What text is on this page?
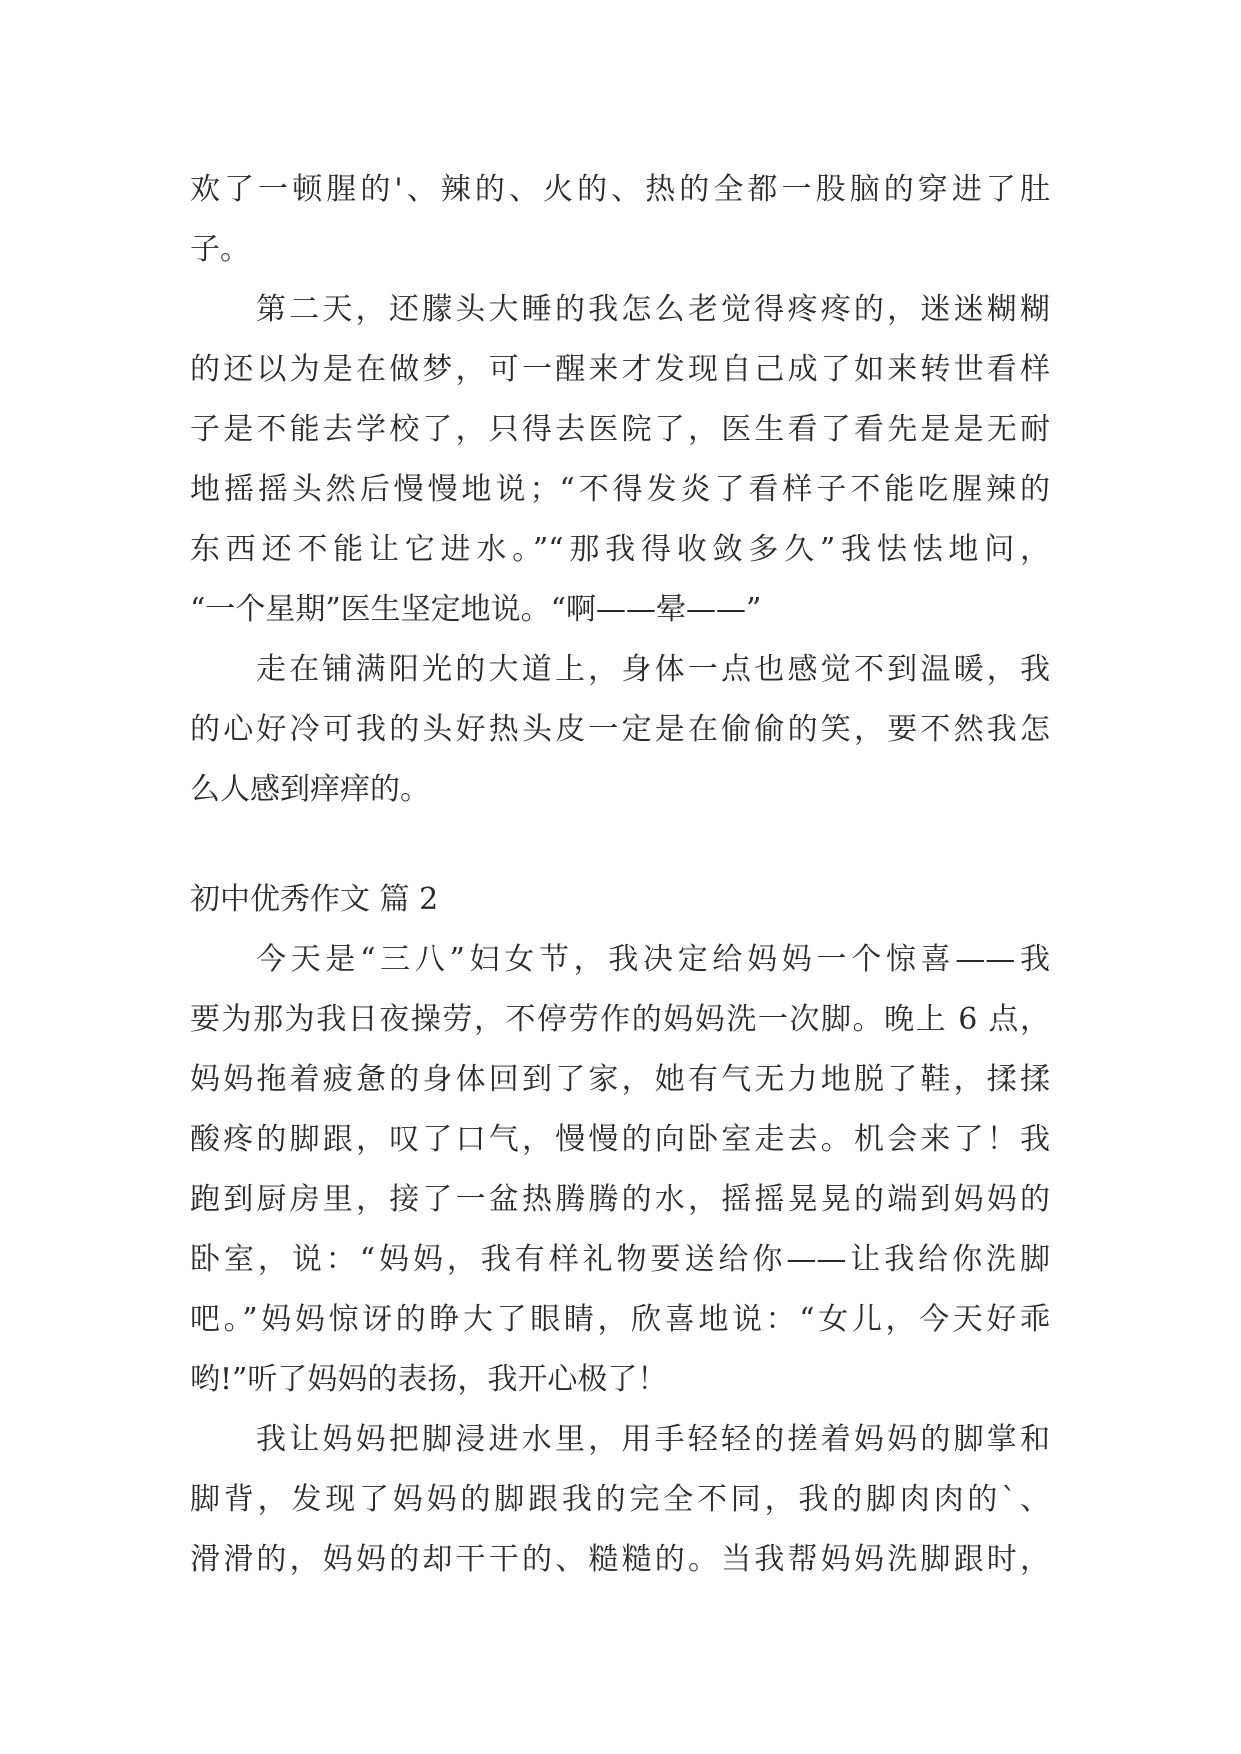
欢了一顿腥的'、辣的、火的、热的全都一股脑的穿进了肚
子。
第二天，还朦头大睡的我怎么老觉得疼疼的，迷迷糊糊
的还以为是在做梦，可一醒来才发现自己成了如来转世看样
子是不能去学校了，只得去医院了，医生看了看先是是无耐
地摇摇头然后慢慢地说；“不得发炎了看样子不能吃腥辣的
东西还不能让它进水。”“那我得收敛多久”我怯怯地问，
“一个星期”医生坚定地说。“啊——晕——”
走在铺满阳光的大道上，身体一点也感觉不到温暖，我
的心好冷可我的头好热头皮一定是在偷偷的笑，要不然我怎
么人感到痒痒的。
初中优秀作文 篇 2
今天是“三八”妇女节，我决定给妈妈一个惊喜——我
要为那为我日夜操劳，不停劳作的妈妈洗一次脚。晚上 6 点，
妈妈拖着疲惫的身体回到了家，她有气无力地脱了鞋，揉揉
酸疼的脚跟，叹了口气，慢慢的向卧室走去。机会来了！我
跑到厨房里，接了一盆热腾腾的水，摇摇晃晃的端到妈妈的
卧室，说：“妈妈，我有样礼物要送给你——让我给你洗脚
吧。”妈妈惊讶的睁大了眼睛，欣喜地说：“女儿，今天好乖
哟!”听了妈妈的表扬，我开心极了！
我让妈妈把脚浸进水里，用手轻轻的搓着妈妈的脚掌和
脚背，发现了妈妈的脚跟我的完全不同，我的脚肉肉的`、
滑滑的，妈妈的却干干的、糙糙的。当我帮妈妈洗脚跟时，
